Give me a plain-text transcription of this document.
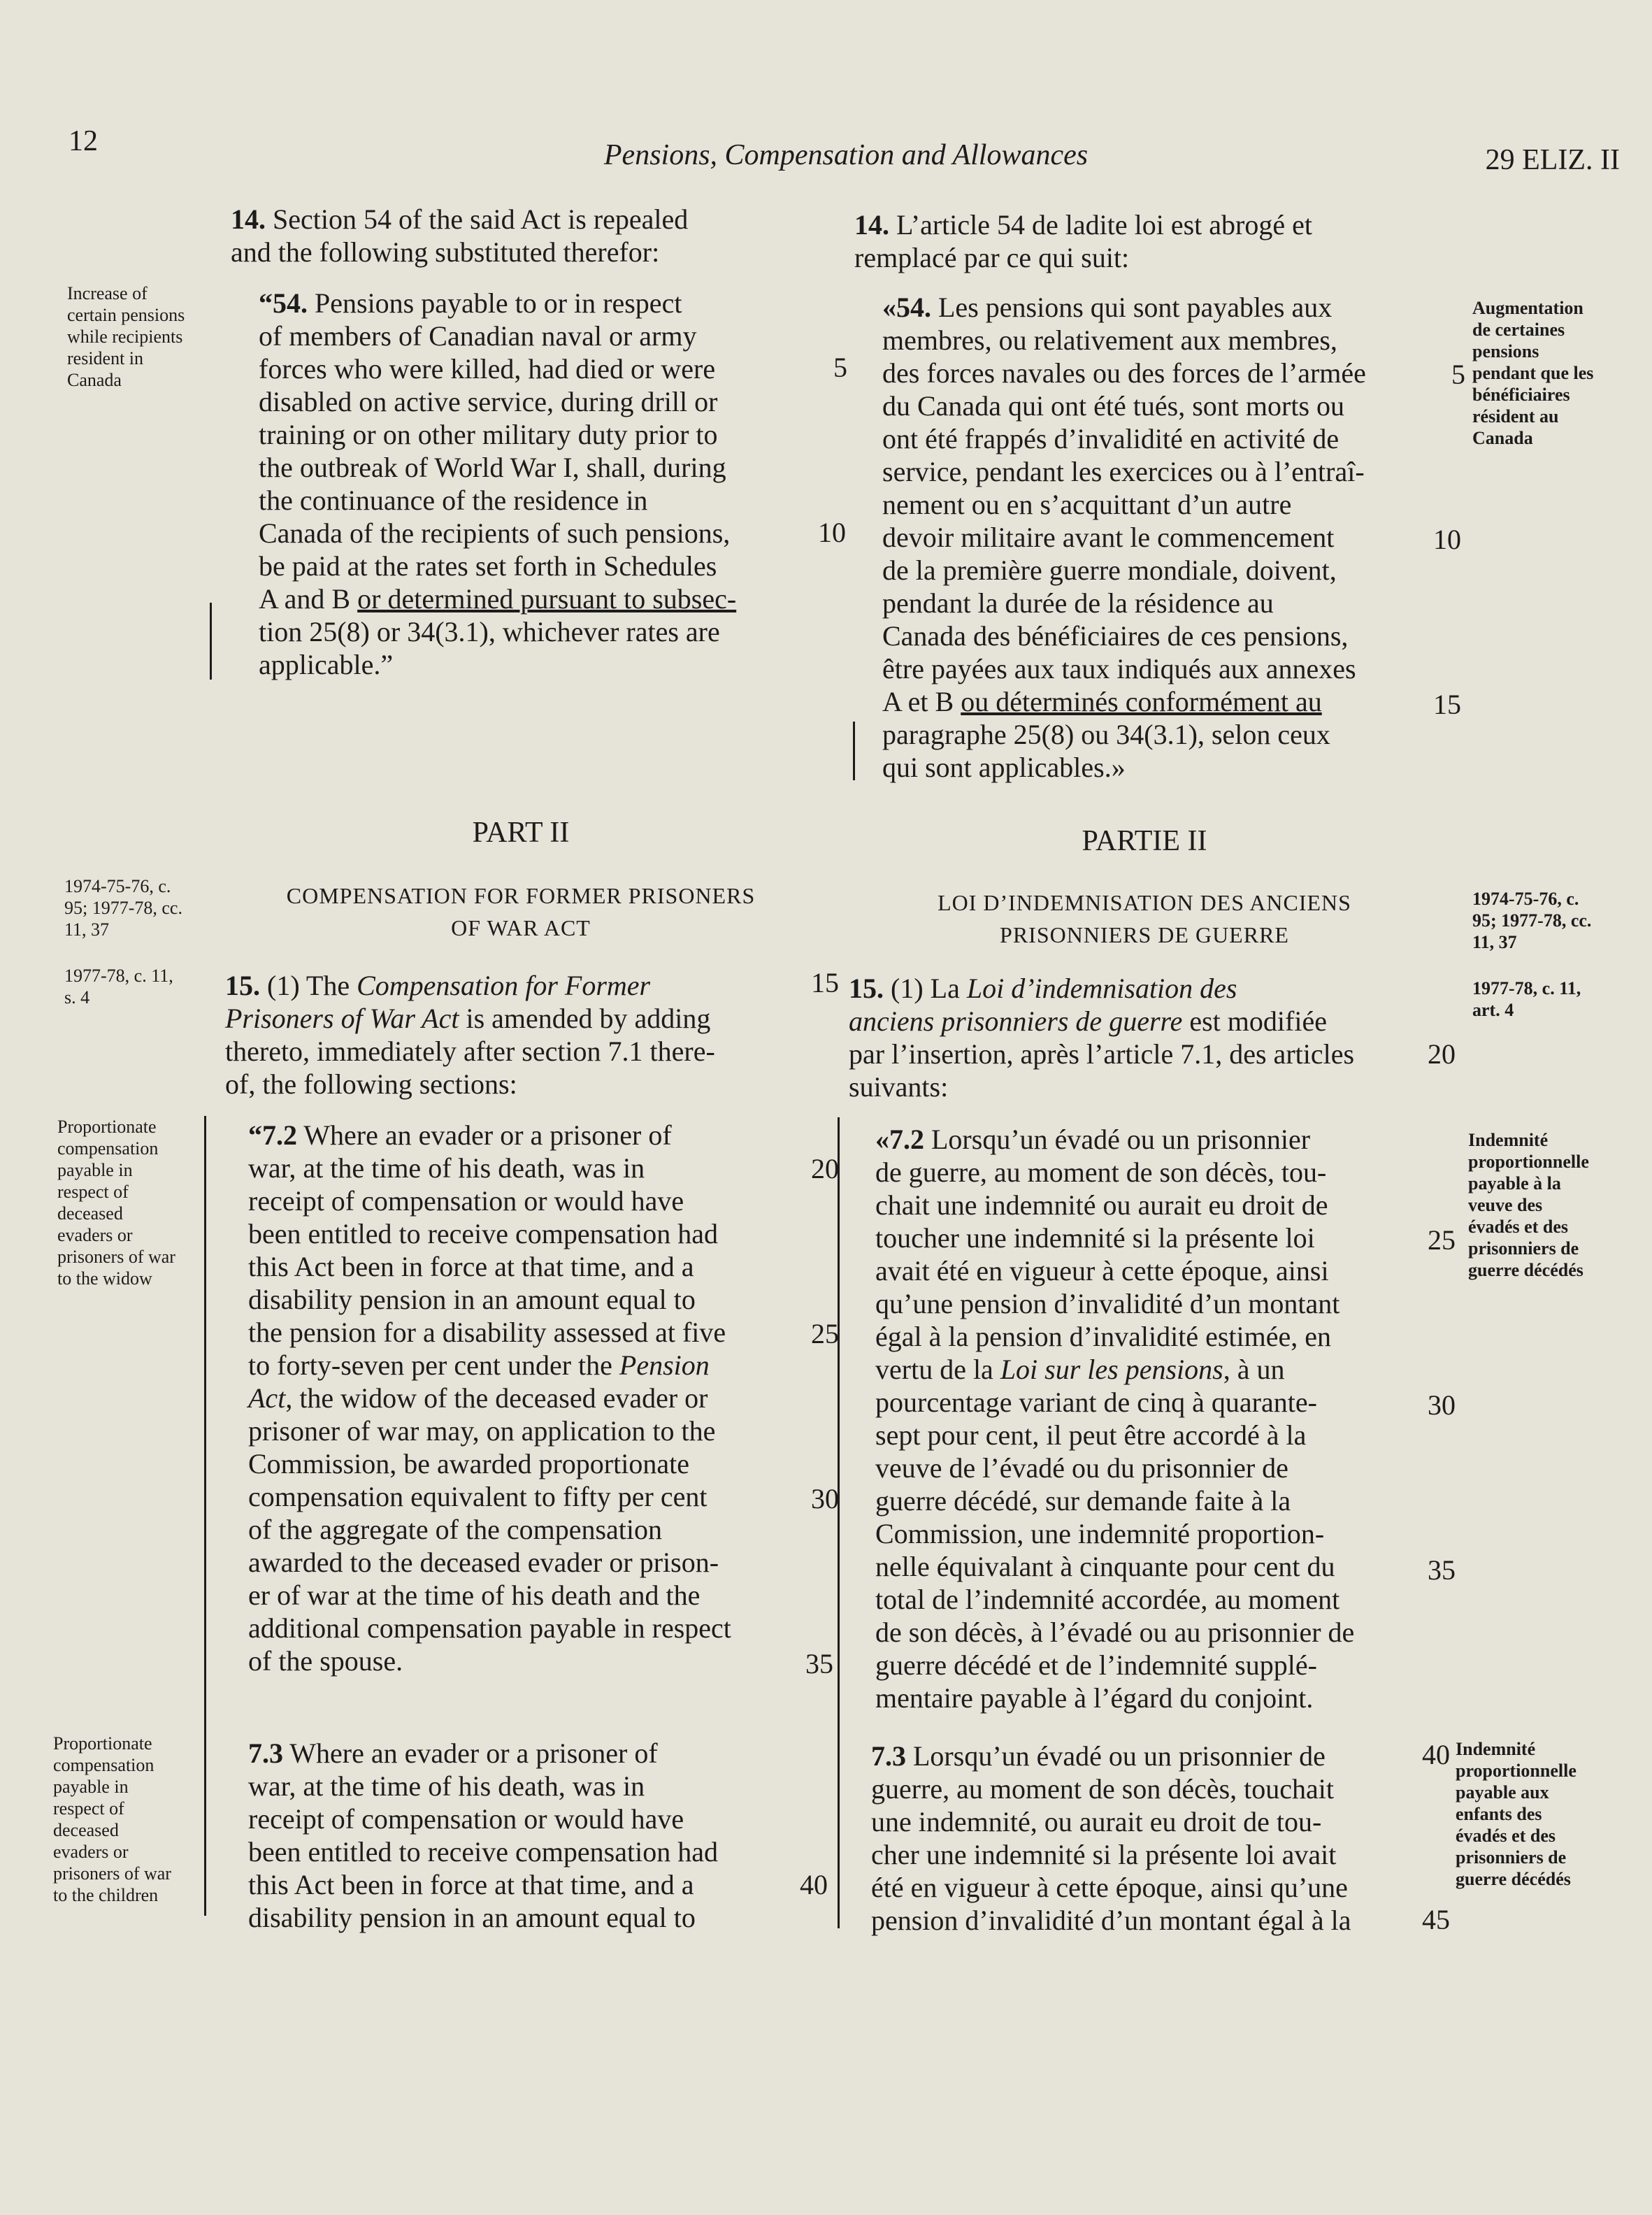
12	Pensions, Compensation and Allowances	29 ELIZ. II
Increase of
certain pensions
while recipients
resident in
Canada
1974-75-76, c.
95; 1977-78, cc.
11, 37
1977-78, c. 11,
s. 4
Proportionate
compensation
payable in
respect of
deceased
evaders or
prisoners of war
to the widow
Proportionate
compensation
payable in
respect of
deceased
evaders or
prisoners of war
to the children
Augmentation
de certaines
pensions
pendant que les
bénéficiaires
résident au
Canada
1974-75-76, c.
95; 1977-78, cc.
11, 37
1977-78, c. 11,
art. 4
Indemnité
proportionnelle
payable à la
veuve des
évadés et des
prisonniers de
guerre décédés
Indemnité
proportionnelle
payable aux
enfants des
évadés et des
prisonniers de
guerre décédés
14. Section 54 of the said Act is repealed
and the following substituted therefor:
“54. Pensions payable to or in respect
of members of Canadian naval or army
forces who were killed, had died or were
disabled on active service, during drill or
training or on other military duty prior to
the outbreak of World War I, shall, during
the continuance of the residence in
Canada of the recipients of such pensions,
be paid at the rates set forth in Schedules
A and B or determined pursuant to subsec-
tion 25(8) or 34(3.1), whichever rates are
applicable.”
PART II
COMPENSATION FOR FORMER PRISONERS
OF WAR ACT
15. (1) The Compensation for Former
Prisoners of War Act is amended by adding
thereto, immediately after section 7.1 there-
of, the following sections:
“7.2 Where an evader or a prisoner of
war, at the time of his death, was in
receipt of compensation or would have
been entitled to receive compensation had
this Act been in force at that time, and a
disability pension in an amount equal to
the pension for a disability assessed at five
to forty-seven per cent under the Pension
Act, the widow of the deceased evader or
prisoner of war may, on application to the
Commission, be awarded proportionate
compensation equivalent to fifty per cent
of the aggregate of the compensation
awarded to the deceased evader or prison-
er of war at the time of his death and the
additional compensation payable in respect
of the spouse.
7.3 Where an evader or a prisoner of
war, at the time of his death, was in
receipt of compensation or would have
been entitled to receive compensation had
this Act been in force at that time, and a
disability pension in an amount equal to
5
10
15
20
25
30
35
40
14. L’article 54 de ladite loi est abrogé et
remplacé par ce qui suit:
«54. Les pensions qui sont payables aux
membres, ou relativement aux membres,
des forces navales ou des forces de l’armée
du Canada qui ont été tués, sont morts ou
ont été frappés d’invalidité en activité de
service, pendant les exercices ou à l’entraî-
nement ou en s’acquittant d’un autre
devoir militaire avant le commencement
de la première guerre mondiale, doivent,
pendant la durée de la résidence au
Canada des bénéficiaires de ces pensions,
être payées aux taux indiqués aux annexes
A et B ou déterminés conformément au
paragraphe 25(8) ou 34(3.1), selon ceux
qui sont applicables.»
PARTIE II
LOI D’INDEMNISATION DES ANCIENS
PRISONNIERS DE GUERRE
15. (1) La Loi d’indemnisation des
anciens prisonniers de guerre est modifiée
par l’insertion, après l’article 7.1, des articles
suivants:
«7.2 Lorsqu’un évadé ou un prisonnier
de guerre, au moment de son décès, tou-
chait une indemnité ou aurait eu droit de
toucher une indemnité si la présente loi
avait été en vigueur à cette époque, ainsi
qu’une pension d’invalidité d’un montant
égal à la pension d’invalidité estimée, en
vertu de la Loi sur les pensions, à un
pourcentage variant de cinq à quarante-
sept pour cent, il peut être accordé à la
veuve de l’évadé ou du prisonnier de
guerre décédé, sur demande faite à la
Commission, une indemnité proportion-
nelle équivalant à cinquante pour cent du
total de l’indemnité accordée, au moment
de son décès, à l’évadé ou au prisonnier de
guerre décédé et de l’indemnité supplé-
mentaire payable à l’égard du conjoint.
7.3 Lorsqu’un évadé ou un prisonnier de
guerre, au moment de son décès, touchait
une indemnité, ou aurait eu droit de tou-
cher une indemnité si la présente loi avait
été en vigueur à cette époque, ainsi qu’une
pension d’invalidité d’un montant égal à la
5
10
15
20
25
30
35
40
45
